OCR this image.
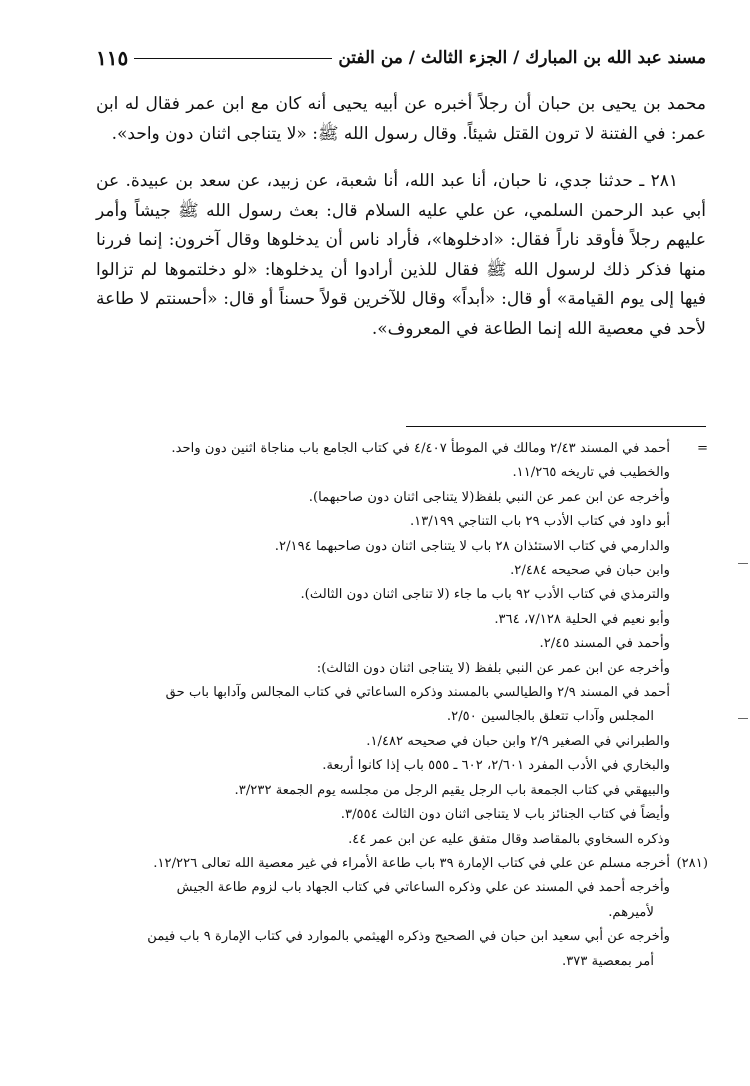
مسند عبد الله بن المبارك / الجزء الثالث / من الفتن
١١٥

محمد بن يحيى بن حبان أن رجلاً أخبره عن أبيه يحيى أنه كان مع ابن عمر فقال له ابن عمر: في الفتنة لا ترون القتل شيئاً. وقال رسول الله ﷺ: «لا يتناجى اثنان دون واحد».

٢٨١ ـ حدثنا جدي، نا حبان، أنا عبد الله، أنا شعبة، عن زبيد، عن سعد بن عبيدة. عن أبي عبد الرحمن السلمي، عن علي عليه السلام قال: بعث رسول الله ﷺ جيشاً وأمر عليهم رجلاً فأوقد ناراً فقال: «ادخلوها»، فأراد ناس أن يدخلوها وقال آخرون: إنما فررنا منها فذكر ذلك لرسول الله ﷺ فقال للذين أرادوا أن يدخلوها: «لو دخلتموها لم تزالوا فيها إلى يوم القيامة» أو قال: «أبداً» وقال للآخرين قولاً حسناً أو قال: «أحسنتم لا طاعة لأحد في معصية الله إنما الطاعة في المعروف».

=
أحمد في المسند ٢/٤٣ ومالك في الموطأ ٤/٤٠٧ في كتاب الجامع باب مناجاة اثنين دون واحد.
والخطيب في تاريخه ١١/٢٦٥.
وأخرجه عن ابن عمر عن النبي بلفظ(لا يتناجى اثنان دون صاحبهما).
أبو داود في كتاب الأدب ٢٩ باب التناجي ١٣/١٩٩.
والدارمي في كتاب الاستئذان ٢٨ باب لا يتناجى اثنان دون صاحبهما ٢/١٩٤.
وابن حبان في صحيحه ٢/٤٨٤.
والترمذي في كتاب الأدب ٩٢ باب ما جاء (لا تناجى اثنان دون الثالث).
وأبو نعيم في الحلية ٧/١٢٨، ٣٦٤.
وأحمد في المسند ٢/٤٥.
وأخرجه عن ابن عمر عن النبي بلفظ (لا يتناجى اثنان دون الثالث):
أحمد في المسند ٢/٩ والطيالسي بالمسند وذكره الساعاتي في كتاب المجالس وآدابها باب حق
المجلس وآداب تتعلق بالجالسين ٢/٥٠.
والطبراني في الصغير ٢/٩ وابن حبان في صحيحه ١/٤٨٢.
والبخاري في الأدب المفرد ٢/٦٠١، ٦٠٢ ـ ٥٥٥ باب إذا كانوا أربعة.
والبيهقي في كتاب الجمعة باب الرجل يقيم الرجل من مجلسه يوم الجمعة ٣/٢٣٢.
وأيضاً في كتاب الجنائز باب لا يتناجى اثنان دون الثالث ٣/٥٥٤.
وذكره السخاوي بالمقاصد وقال متفق عليه عن ابن عمر ٤٤.
(٢٨١)
أخرجه مسلم عن علي في كتاب الإمارة ٣٩ باب طاعة الأمراء في غير معصية الله تعالى ١٢/٢٢٦.
وأخرجه أحمد في المسند عن علي وذكره الساعاتي في كتاب الجهاد باب لزوم طاعة الجيش
لأميرهم.
وأخرجه عن أبي سعيد ابن حبان في الصحيح وذكره الهيثمي بالموارد في كتاب الإمارة ٩ باب فيمن
أمر بمعصية ٣٧٣.
